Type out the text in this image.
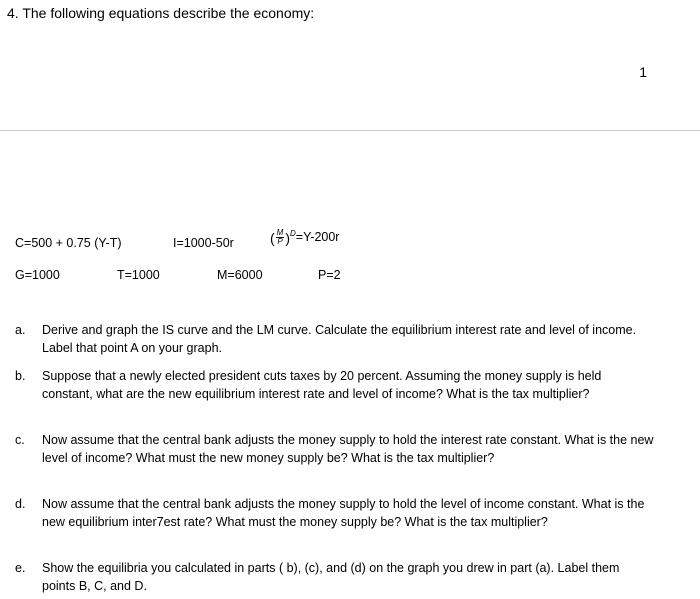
4. The following equations describe the economy:
1
C=500 + 0.75 (Y-T)	I=1000-50r	( $\frac{M}{P} )^D=Y-200r$
G=1000	T=1000	M=6000	P=2
a. Derive and graph the IS curve and the LM curve. Calculate the equilibrium interest rate and level of income. Label that point A on your graph.
b. Suppose that a newly elected president cuts taxes by 20 percent. Assuming the money supply is held constant, what are the new equilibrium interest rate and level of income? What is the tax multiplier?
c. Now assume that the central bank adjusts the money supply to hold the interest rate constant. What is the new level of income? What must the new money supply be? What is the tax multiplier?
d. Now assume that the central bank adjusts the money supply to hold the level of income constant. What is the new equilibrium inter7est rate? What must the money supply be? What is the tax multiplier?
e. Show the equilibria you calculated in parts ( b), (c), and (d) on the graph you drew in part (a). Label them points B, C, and D.
